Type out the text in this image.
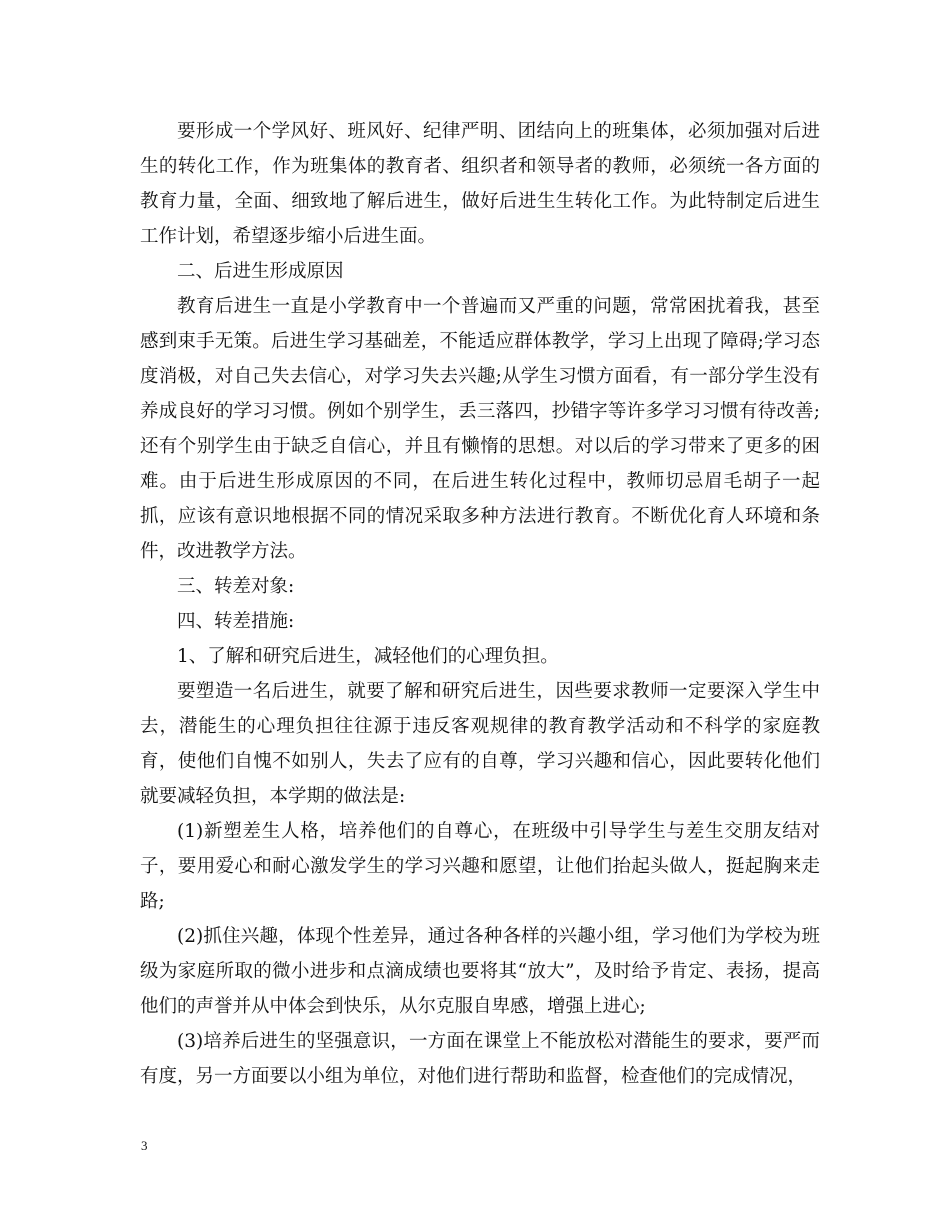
要形成一个学风好、班风好、纪律严明、团结向上的班集体，必须加强对后进生的转化工作，作为班集体的教育者、组织者和领导者的教师，必须统一各方面的教育力量，全面、细致地了解后进生，做好后进生生转化工作。为此特制定后进生工作计划，希望逐步缩小后进生面。

二、后进生形成原因

教育后进生一直是小学教育中一个普遍而又严重的问题，常常困扰着我，甚至感到束手无策。后进生学习基础差，不能适应群体教学，学习上出现了障碍;学习态度消极，对自己失去信心，对学习失去兴趣;从学生习惯方面看，有一部分学生没有养成良好的学习习惯。例如个别学生，丢三落四，抄错字等许多学习习惯有待改善;还有个别学生由于缺乏自信心，并且有懒惰的思想。对以后的学习带来了更多的困难。由于后进生形成原因的不同，在后进生转化过程中，教师切忌眉毛胡子一起抓，应该有意识地根据不同的情况采取多种方法进行教育。不断优化育人环境和条件，改进教学方法。

三、转差对象:

四、转差措施:

1、了解和研究后进生，减轻他们的心理负担。

要塑造一名后进生，就要了解和研究后进生，因些要求教师一定要深入学生中去，潜能生的心理负担往往源于违反客观规律的教育教学活动和不科学的家庭教育，使他们自愧不如别人，失去了应有的自尊，学习兴趣和信心，因此要转化他们就要减轻负担，本学期的做法是:

(1)新塑差生人格，培养他们的自尊心，在班级中引导学生与差生交朋友结对子，要用爱心和耐心激发学生的学习兴趣和愿望，让他们抬起头做人，挺起胸来走路;

(2)抓住兴趣，体现个性差异，通过各种各样的兴趣小组，学习他们为学校为班级为家庭所取的微小进步和点滴成绩也要将其“放大”，及时给予肯定、表扬，提高他们的声誉并从中体会到快乐，从尔克服自卑感，增强上进心;

(3)培养后进生的坚强意识，一方面在课堂上不能放松对潜能生的要求，要严而有度，另一方面要以小组为单位，对他们进行帮助和监督，检查他们的完成情况，

3
